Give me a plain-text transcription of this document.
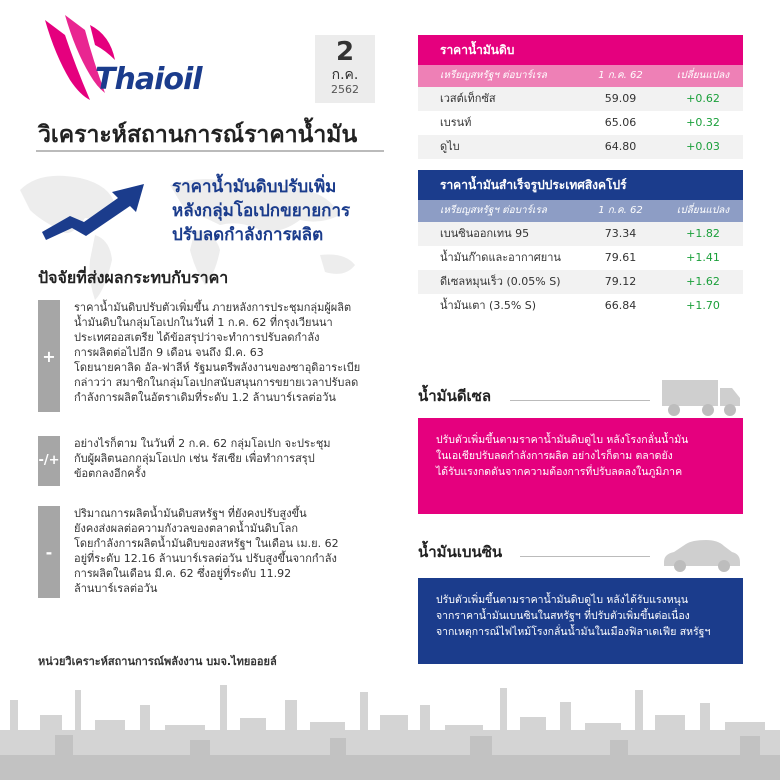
Thaioil
2
ก.ค.
2562
วิเคราะห์สถานการณ์ราคาน้ำมัน
ราคาน้ำมันดิบปรับเพิ่ม
หลังกลุ่มโอเปกขยายการ
ปรับลดกำลังการผลิต
ปัจจัยที่ส่งผลกระทบกับราคา
+
ราคาน้ำมันดิบปรับตัวเพิ่มขึ้น ภายหลังการประชุมกลุ่มผู้ผลิต
น้ำมันดิบในกลุ่มโอเปกในวันที่ 1 ก.ค. 62 ที่กรุงเวียนนา
ประเทศออสเตรีย ได้ข้อสรุปว่าจะทำการปรับลดกำลัง
การผลิตต่อไปอีก 9 เดือน จนถึง มี.ค. 63
โดยนายคาลิด อัล-ฟาลีห์ รัฐมนตรีพลังงานของซาอุดิอาระเบีย
กล่าวว่า สมาชิกในกลุ่มโอเปกสนับสนุนการขยายเวลาปรับลด
กำลังการผลิตในอัตราเดิมที่ระดับ 1.2 ล้านบาร์เรลต่อวัน
-/+
อย่างไรก็ตาม ในวันที่ 2 ก.ค. 62 กลุ่มโอเปก จะประชุม
กับผู้ผลิตนอกกลุ่มโอเปก เช่น รัสเซีย เพื่อทำการสรุป
ข้อตกลงอีกครั้ง
-
ปริมาณการผลิตน้ำมันดิบสหรัฐฯ ที่ยังคงปรับสูงขึ้น
ยังคงส่งผลต่อความกังวลของตลาดน้ำมันดิบโลก
โดยกำลังการผลิตน้ำมันดิบของสหรัฐฯ ในเดือน เม.ย. 62
อยู่ที่ระดับ 12.16 ล้านบาร์เรลต่อวัน ปรับสูงขึ้นจากกำลัง
การผลิตในเดือน มี.ค. 62 ซึ่งอยู่ที่ระดับ 11.92
ล้านบาร์เรลต่อวัน
หน่วยวิเคราะห์สถานการณ์พลังงาน บมจ.ไทยออยล์
ราคาน้ำมันดิบ
เหรียญสหรัฐฯ ต่อบาร์เรล	1 ก.ค. 62	เปลี่ยนแปลง
เวสต์เท็กซัส	59.09	+0.62
เบรนท์	65.06	+0.32
ดูไบ	64.80	+0.03
ราคาน้ำมันสำเร็จรูปประเทศสิงคโปร์
เหรียญสหรัฐฯ ต่อบาร์เรล	1 ก.ค. 62	เปลี่ยนแปลง
เบนซินออกเทน 95	73.34	+1.82
น้ำมันก๊าดและอากาศยาน	79.61	+1.41
ดีเซลหมุนเร็ว (0.05% S)	79.12	+1.62
น้ำมันเตา (3.5% S)	66.84	+1.70
น้ำมันดีเซล
ปรับตัวเพิ่มขึ้นตามราคาน้ำมันดิบดูไบ หลังโรงกลั่นน้ำมัน
ในเอเชียปรับลดกำลังการผลิต อย่างไรก็ตาม ตลาดยัง
ได้รับแรงกดดันจากความต้องการที่ปรับลดลงในภูมิภาค
น้ำมันเบนซิน
ปรับตัวเพิ่มขึ้นตามราคาน้ำมันดิบดูไบ หลังได้รับแรงหนุน
จากราคาน้ำมันเบนซินในสหรัฐฯ ที่ปรับตัวเพิ่มขึ้นต่อเนื่อง
จากเหตุการณ์ไฟไหม้โรงกลั่นน้ำมันในเมืองฟิลาเดเฟีย สหรัฐฯ
